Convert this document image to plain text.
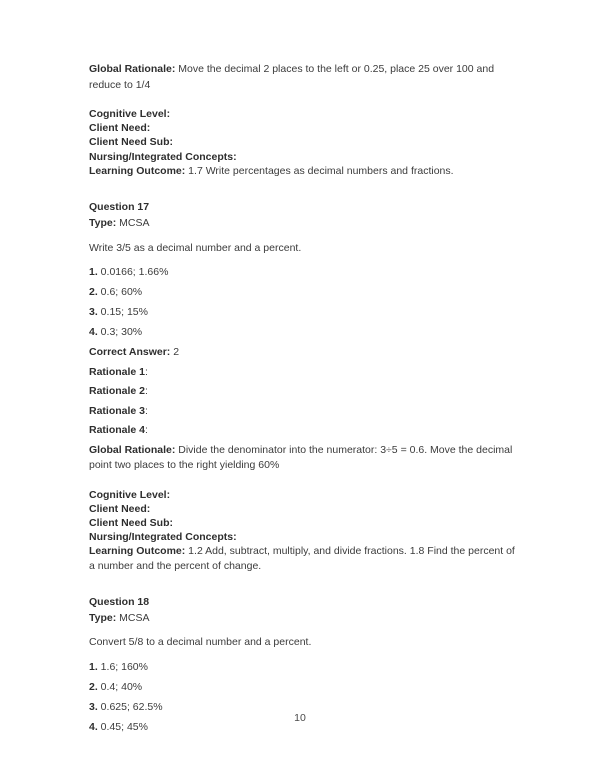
Global Rationale: Move the decimal 2 places to the left or 0.25, place 25 over 100 and reduce to 1/4

Cognitive Level:

Client Need:

Client Need Sub:

Nursing/Integrated Concepts:

Learning Outcome: 1.7 Write percentages as decimal numbers and fractions.

Question 17

Type: MCSA

Write 3/5 as a decimal number and a percent.

1. 0.0166; 1.66%

2. 0.6; 60%

3. 0.15; 15%

4. 0.3; 30%

Correct Answer: 2

Rationale 1:

Rationale 2:

Rationale 3:

Rationale 4:

Global Rationale: Divide the denominator into the numerator: 3÷5 = 0.6. Move the decimal point two places to the right yielding 60%

Cognitive Level:

Client Need:

Client Need Sub:

Nursing/Integrated Concepts:

Learning Outcome: 1.2 Add, subtract, multiply, and divide fractions. 1.8 Find the percent of a number and the percent of change.

Question 18

Type: MCSA

Convert 5/8 to a decimal number and a percent.

1. 1.6; 160%

2. 0.4; 40%

3. 0.625; 62.5%

4. 0.45; 45%

10
